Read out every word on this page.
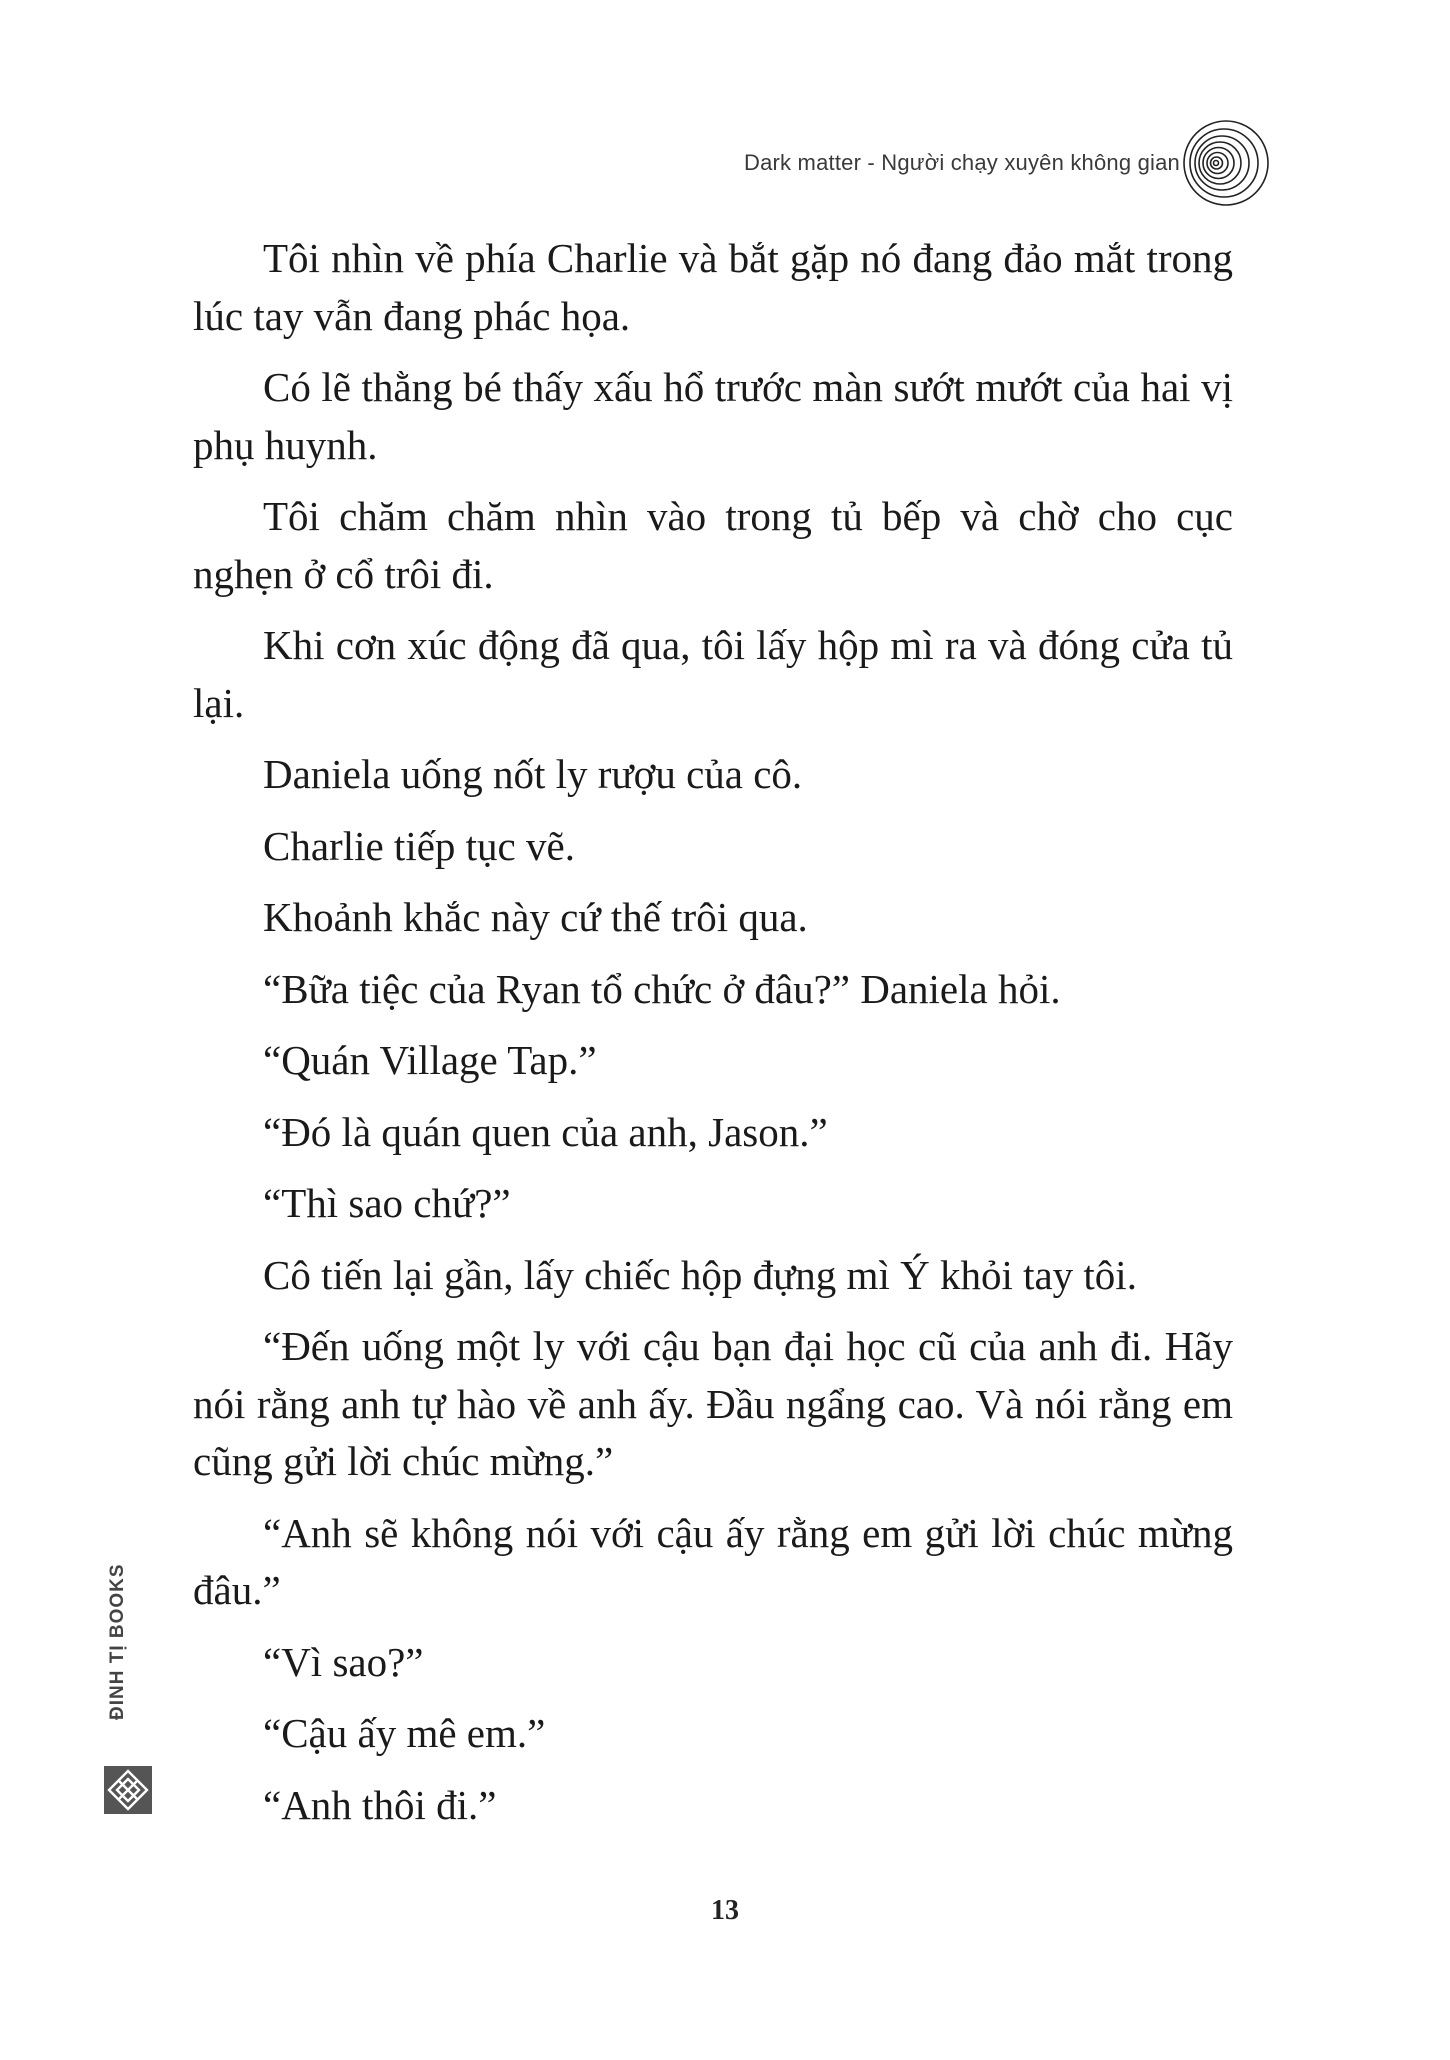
Dark matter - Người chạy xuyên không gian

Tôi nhìn về phía Charlie và bắt gặp nó đang đảo mắt trong lúc tay vẫn đang phác họa.

Có lẽ thằng bé thấy xấu hổ trước màn sướt mướt của hai vị phụ huynh.

Tôi chăm chăm nhìn vào trong tủ bếp và chờ cho cục nghẹn ở cổ trôi đi.

Khi cơn xúc động đã qua, tôi lấy hộp mì ra và đóng cửa tủ lại.

Daniela uống nốt ly rượu của cô.

Charlie tiếp tục vẽ.

Khoảnh khắc này cứ thế trôi qua.

“Bữa tiệc của Ryan tổ chức ở đâu?” Daniela hỏi.

“Quán Village Tap.”

“Đó là quán quen của anh, Jason.”

“Thì sao chứ?”

Cô tiến lại gần, lấy chiếc hộp đựng mì Ý khỏi tay tôi.

“Đến uống một ly với cậu bạn đại học cũ của anh đi. Hãy nói rằng anh tự hào về anh ấy. Đầu ngẩng cao. Và nói rằng em cũng gửi lời chúc mừng.”

“Anh sẽ không nói với cậu ấy rằng em gửi lời chúc mừng đâu.”

“Vì sao?”

“Cậu ấy mê em.”

“Anh thôi đi.”

ĐINH TỊ BOOKS
13
